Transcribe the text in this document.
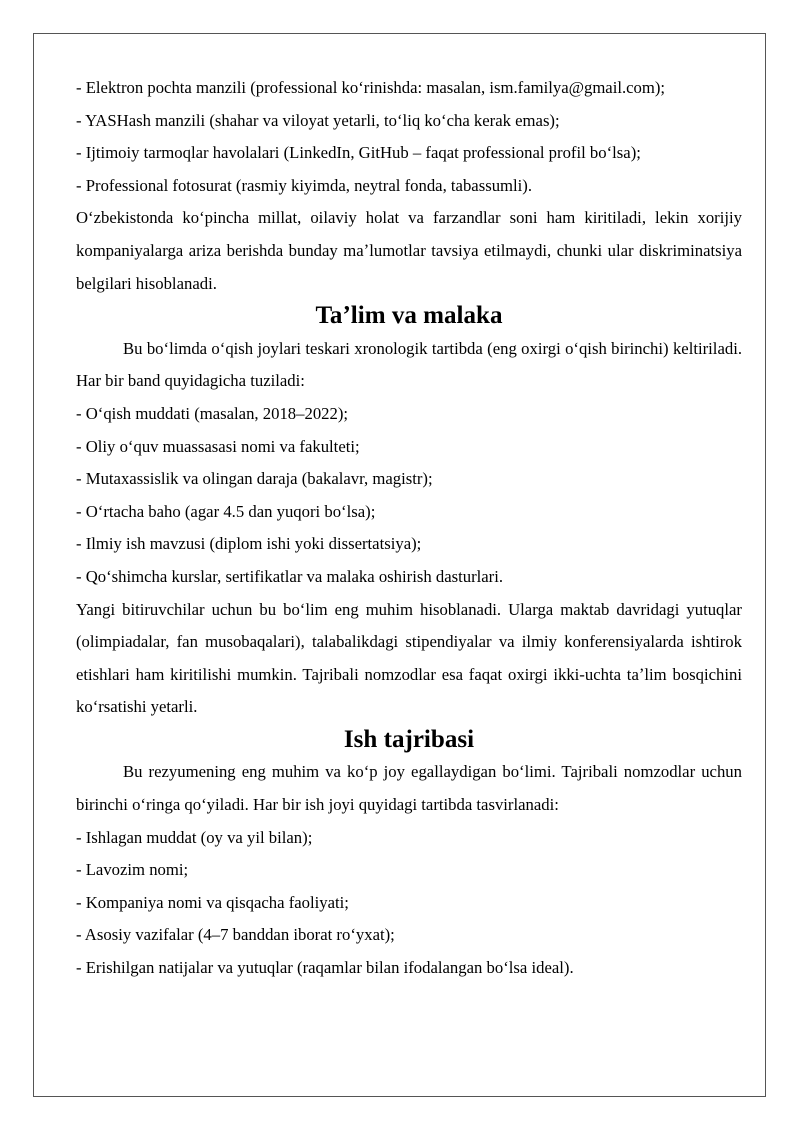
- Elektron pochta manzili (professional koʻrinishda: masalan, ism.familya@gmail.com);

- YASHash manzili (shahar va viloyat yetarli, toʻliq koʻcha kerak emas);

- Ijtimoiy tarmoqlar havolalari (LinkedIn, GitHub – faqat professional profil boʻlsa);

- Professional fotosurat (rasmiy kiyimda, neytral fonda, tabassumli).

Oʻzbekistonda koʻpincha millat, oilaviy holat va farzandlar soni ham kiritiladi, lekin xorijiy kompaniyalarga ariza berishda bunday maʼlumotlar tavsiya etilmaydi, chunki ular diskriminatsiya belgilari hisoblanadi.

Taʼlim va malaka

Bu boʻlimda oʻqish joylari teskari xronologik tartibda (eng oxirgi oʻqish birinchi) keltiriladi. Har bir band quyidagicha tuziladi:

- Oʻqish muddati (masalan, 2018–2022);

- Oliy oʻquv muassasasi nomi va fakulteti;

- Mutaxassislik va olingan daraja (bakalavr, magistr);

- Oʻrtacha baho (agar 4.5 dan yuqori boʻlsa);

- Ilmiy ish mavzusi (diplom ishi yoki dissertatsiya);

- Qoʻshimcha kurslar, sertifikatlar va malaka oshirish dasturlari.

Yangi bitiruvchilar uchun bu boʻlim eng muhim hisoblanadi. Ularga maktab davridagi yutuqlar (olimpiadalar, fan musobaqalari), talabalikdagi stipendiyalar va ilmiy konferensiyalarda ishtirok etishlari ham kiritilishi mumkin. Tajribali nomzodlar esa faqat oxirgi ikki-uchta taʼlim bosqichini koʻrsatishi yetarli.

Ish tajribasi

Bu rezyumening eng muhim va koʻp joy egallaydigan boʻlimi. Tajribali nomzodlar uchun birinchi oʻringa qoʻyiladi. Har bir ish joyi quyidagi tartibda tasvirlanadi:

- Ishlagan muddat (oy va yil bilan);

- Lavozim nomi;

- Kompaniya nomi va qisqacha faoliyati;

- Asosiy vazifalar (4–7 banddan iborat roʻyxat);

- Erishilgan natijalar va yutuqlar (raqamlar bilan ifodalangan boʻlsa ideal).
